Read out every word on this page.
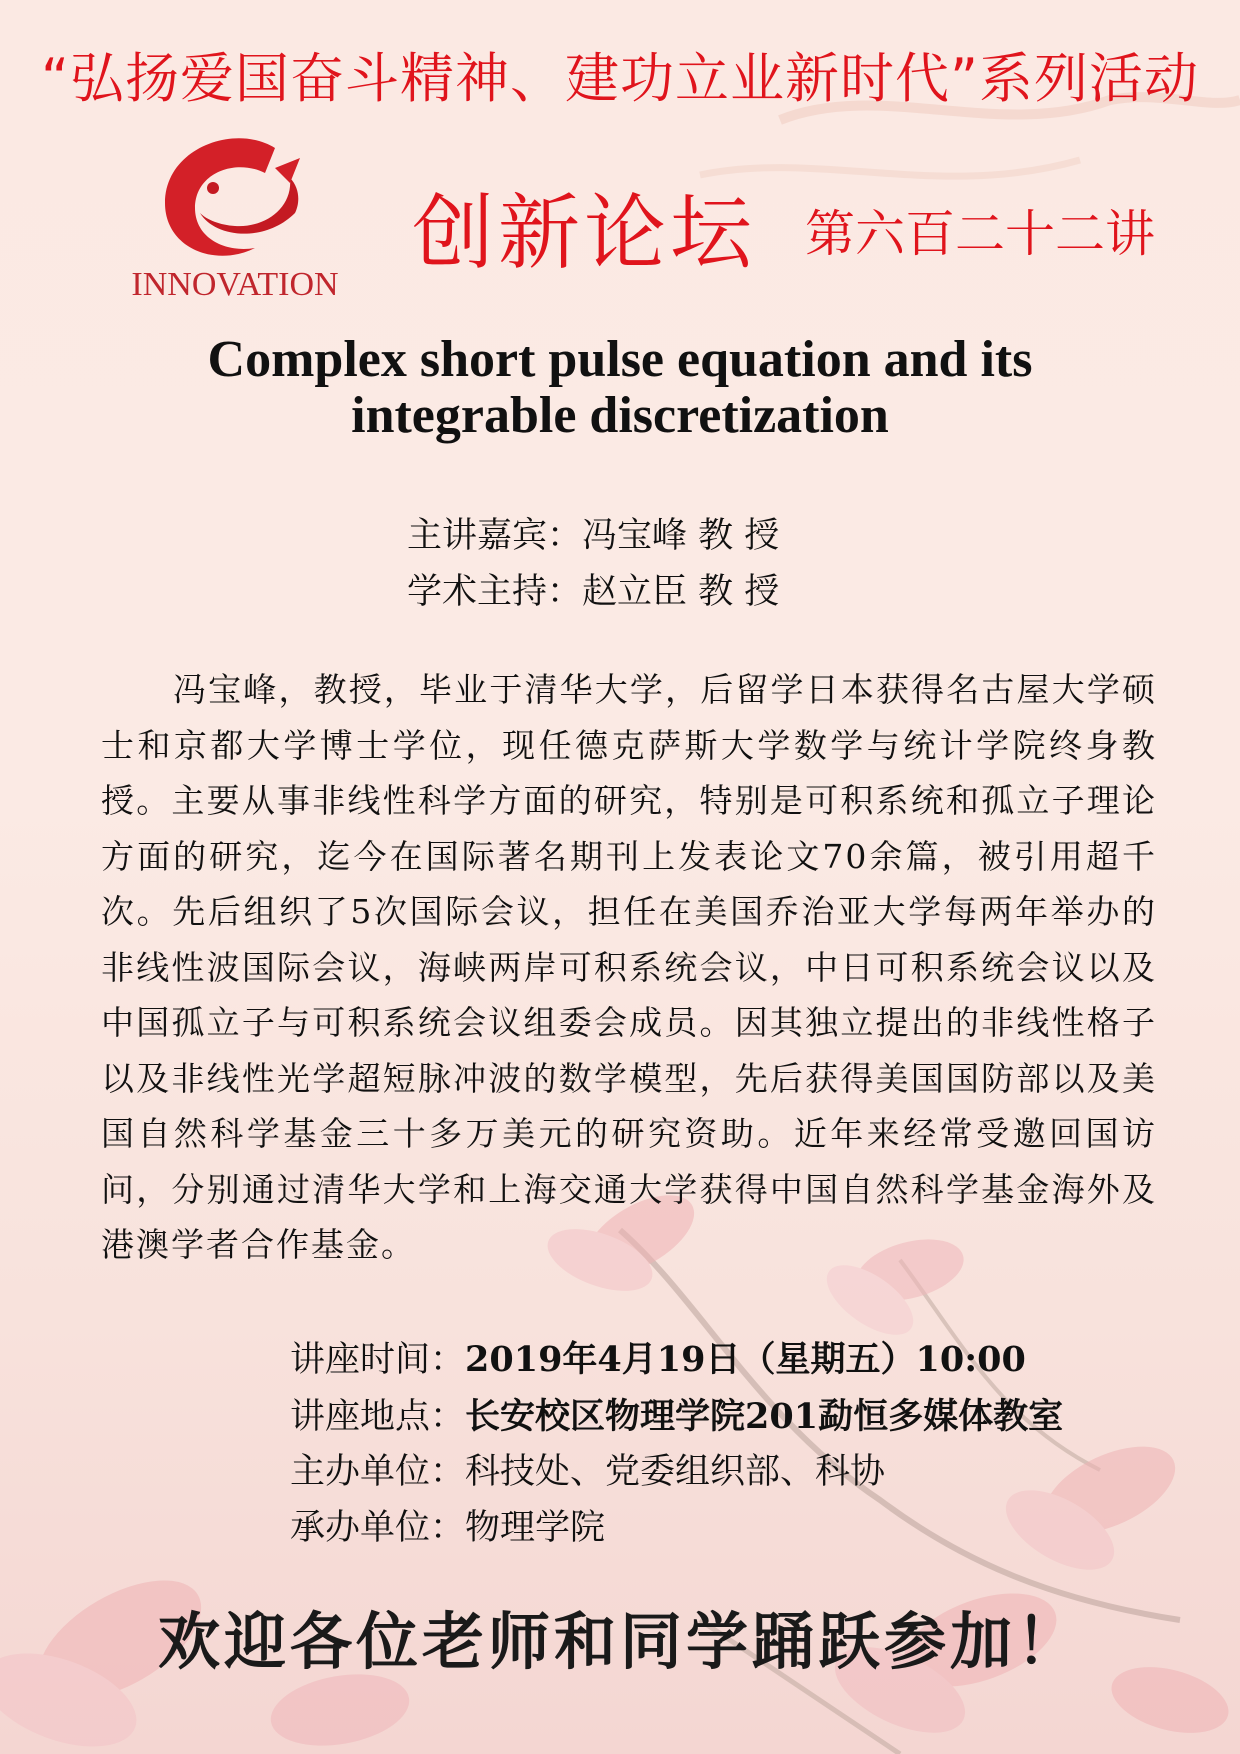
“弘扬爱国奋斗精神、建功立业新时代”系列活动
INNOVATION
创新论坛 第六百二十二讲
Complex short pulse equation and its
integrable discretization
主讲嘉宾：冯宝峰 教 授
学术主持：赵立臣 教 授

冯宝峰，教授，毕业于清华大学，后留学日本获得名古屋大学硕士和京都大学博士学位，现任德克萨斯大学数学与统计学院终身教授。主要从事非线性科学方面的研究，特别是可积系统和孤立子理论方面的研究，迄今在国际著名期刊上发表论文70余篇，被引用超千次。先后组织了5次国际会议，担任在美国乔治亚大学每两年举办的非线性波国际会议，海峡两岸可积系统会议，中日可积系统会议以及中国孤立子与可积系统会议组委会成员。因其独立提出的非线性格子以及非线性光学超短脉冲波的数学模型，先后获得美国国防部以及美国自然科学基金三十多万美元的研究资助。近年来经常受邀回国访问，分别通过清华大学和上海交通大学获得中国自然科学基金海外及港澳学者合作基金。

讲座时间：2019年4月19日（星期五）10:00
讲座地点：长安校区物理学院201勐恒多媒体教室
主办单位：科技处、党委组织部、科协
承办单位：物理学院
欢迎各位老师和同学踊跃参加！
